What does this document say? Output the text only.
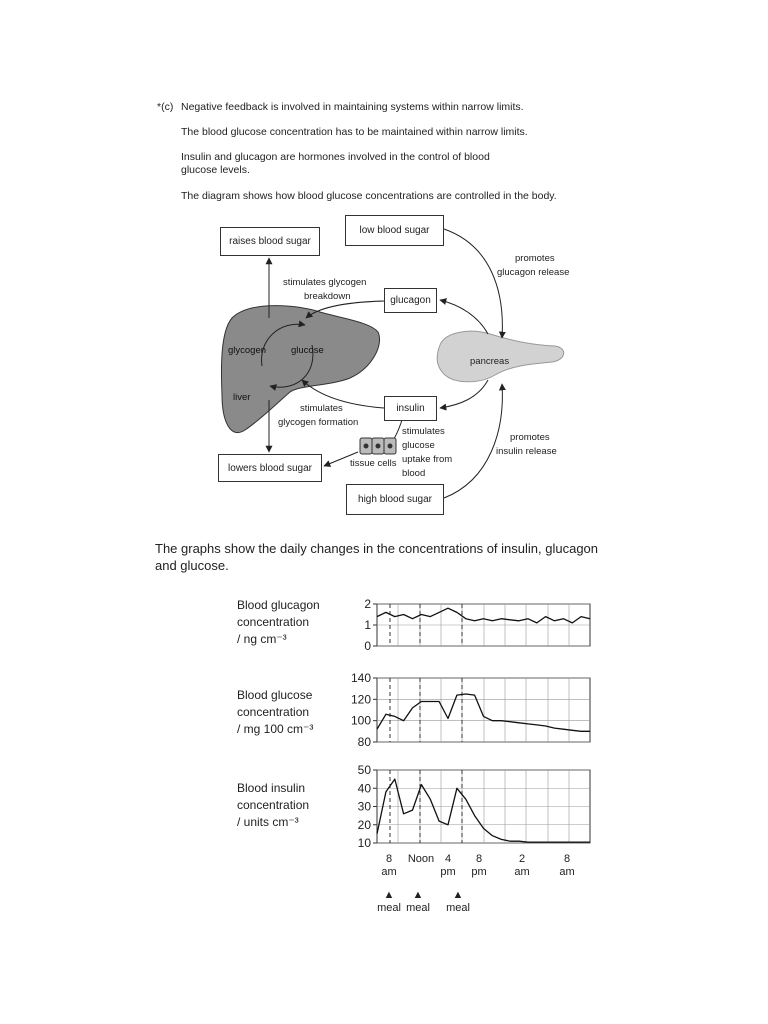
*(c) Negative feedback is involved in maintaining systems within narrow limits.
The blood glucose concentration has to be maintained within narrow limits.
Insulin and glucagon are hormones involved in the control of blood
glucose levels.
The diagram shows how blood glucose concentrations are controlled in the body.
raises blood sugar
low blood sugar
glucagon
insulin
lowers blood sugar
high blood sugar
promotes
glucagon release
stimulates glycogen
breakdown
glycogen	glucose
pancreas
liver
stimulates
glycogen formation
stimulates
glucose
uptake from
blood
promotes
insulin release
tissue cells
The graphs show the daily changes in the concentrations of insulin, glucagon
and glucose.
Blood glucagon
concentration
/ ng cm⁻³
Blood glucose
concentration
/ mg 100 cm⁻³
Blood insulin
concentration
/ units cm⁻³
0
1
2
80
100
120
140
10
20
30
40
50
8
am
Noon 4
pm
8
pm
2
am
8
am
▲
meal
▲
meal
▲
meal
